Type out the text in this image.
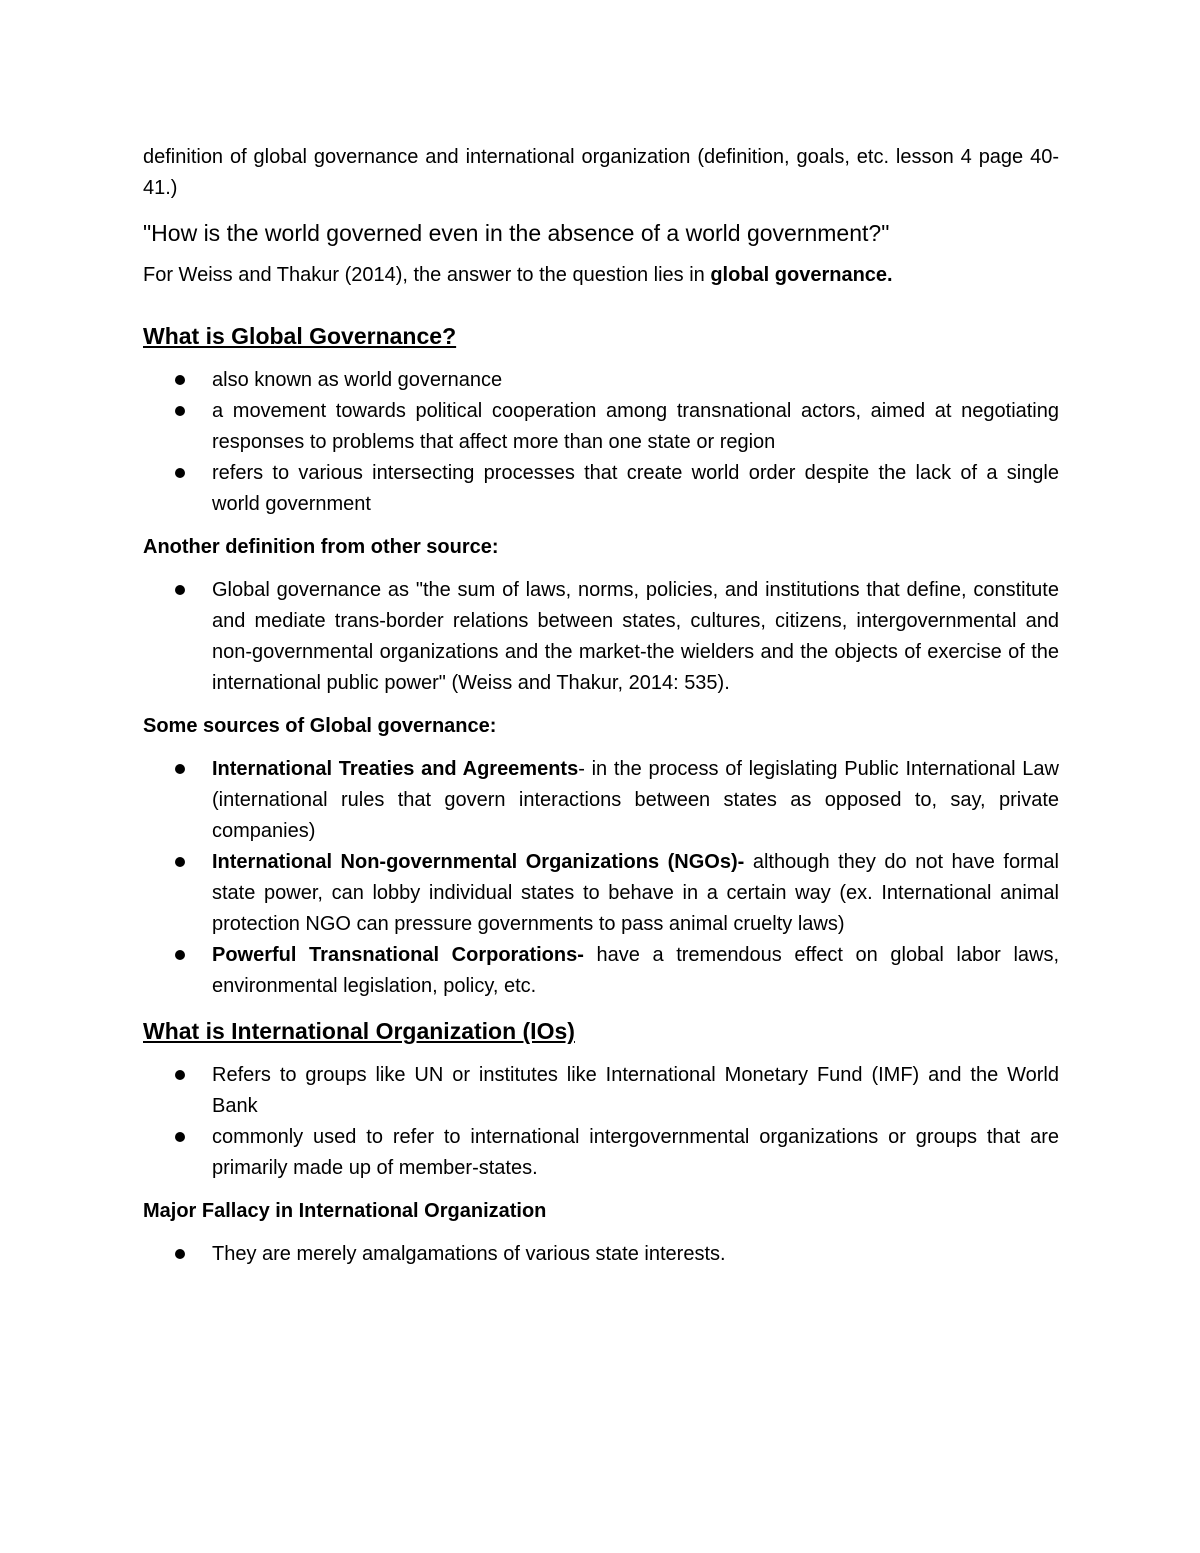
definition of global governance and international organization (definition, goals, etc. lesson 4 page 40-41.)

"How is the world governed even in the absence of a world government?"

For Weiss and Thakur (2014), the answer to the question lies in global governance.

What is Global Governance?
also known as world governance
a movement towards political cooperation among transnational actors, aimed at negotiating responses to problems that affect more than one state or region
refers to various intersecting processes that create world order despite the lack of a single world government

Another definition from other source:

Global governance as "the sum of laws, norms, policies, and institutions that define, constitute and mediate trans-border relations between states, cultures, citizens, intergovernmental and non-governmental organizations and the market-the wielders and the objects of exercise of the international public power" (Weiss and Thakur, 2014: 535).

Some sources of Global governance:

International Treaties and Agreements- in the process of legislating Public International Law (international rules that govern interactions between states as opposed to, say, private companies)
International Non-governmental Organizations (NGOs)- although they do not have formal state power, can lobby individual states to behave in a certain way (ex. International animal protection NGO can pressure governments to pass animal cruelty laws)
Powerful Transnational Corporations- have a tremendous effect on global labor laws, environmental legislation, policy, etc.
What is International Organization (IOs)
Refers to groups like UN or institutes like International Monetary Fund (IMF) and the World Bank
commonly used to refer to international intergovernmental organizations or groups that are primarily made up of member-states.

Major Fallacy in International Organization

They are merely amalgamations of various state interests.
